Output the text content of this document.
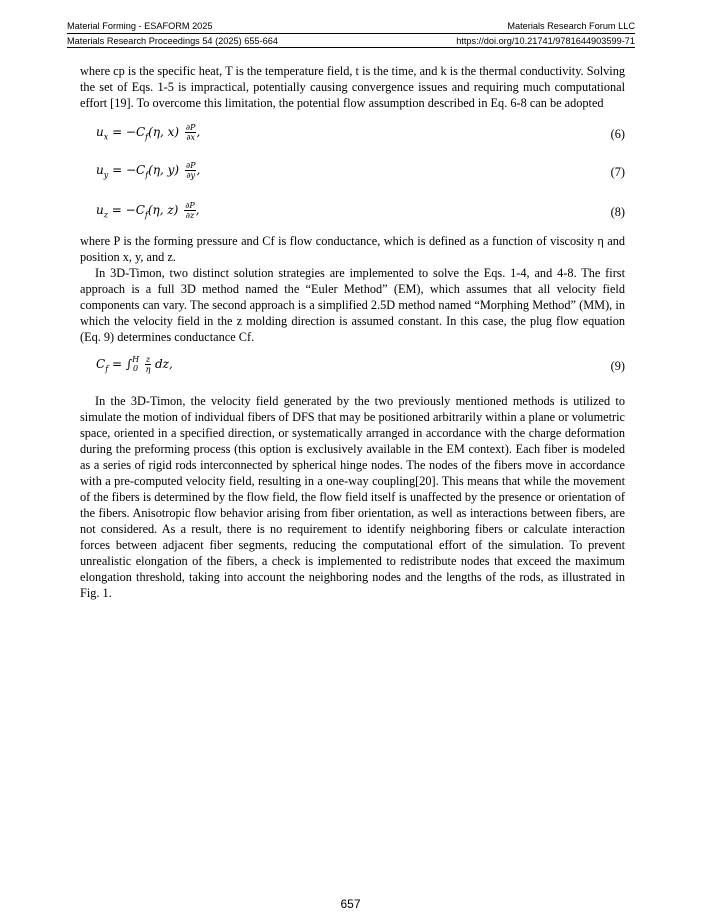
Material Forming - ESAFORM 2025	Materials Research Forum LLC
Materials Research Proceedings 54 (2025) 655-664	https://doi.org/10.21741/9781644903599-71

where cp is the specific heat, T is the temperature field, t is the time, and k is the thermal conductivity. Solving the set of Eqs. 1-5 is impractical, potentially causing convergence issues and requiring much computational effort [19]. To overcome this limitation, the potential flow assumption described in Eq. 6-8 can be adopted

$u_x = -C_f(\eta$, $x) \frac{\partial P}{\partial x}$ ,	(6)
$u_y = -C_f(\eta$, $y) \frac{\partial P}{\partial y}$ ,	(7)
$u_z = -C_f(\eta$, $z) \frac{\partial P}{\partial z}$ ,	(8)

where P is the forming pressure and Cf is flow conductance, which is defined as a function of viscosity η and position x, y, and z.

In 3D-Timon, two distinct solution strategies are implemented to solve the Eqs. 1-4, and 4-8. The first approach is a full 3D method named the “Euler Method” (EM), which assumes that all velocity field components can vary. The second approach is a simplified 2.5D method named “Morphing Method” (MM), in which the velocity field in the z molding direction is assumed constant. In this case, the plug flow equation (Eq. 9) determines conductance Cf.

$C_f$ = ∫ H
0
$\frac{z}{\eta}$ dz,	(9)

In the 3D-Timon, the velocity field generated by the two previously mentioned methods is utilized to simulate the motion of individual fibers of DFS that may be positioned arbitrarily within a plane or volumetric space, oriented in a specified direction, or systematically arranged in accordance with the charge deformation during the preforming process (this option is exclusively available in the EM context). Each fiber is modeled as a series of rigid rods interconnected by spherical hinge nodes. The nodes of the fibers move in accordance with a pre-computed velocity field, resulting in a one-way coupling[20]. This means that while the movement of the fibers is determined by the flow field, the flow field itself is unaffected by the presence or orientation of the fibers. Anisotropic flow behavior arising from fiber orientation, as well as interactions between fibers, are not considered. As a result, there is no requirement to identify neighboring fibers or calculate interaction forces between adjacent fiber segments, reducing the computational effort of the simulation. To prevent unrealistic elongation of the fibers, a check is implemented to redistribute nodes that exceed the maximum elongation threshold, taking into account the neighboring nodes and the lengths of the rods, as illustrated in Fig. 1.

657
